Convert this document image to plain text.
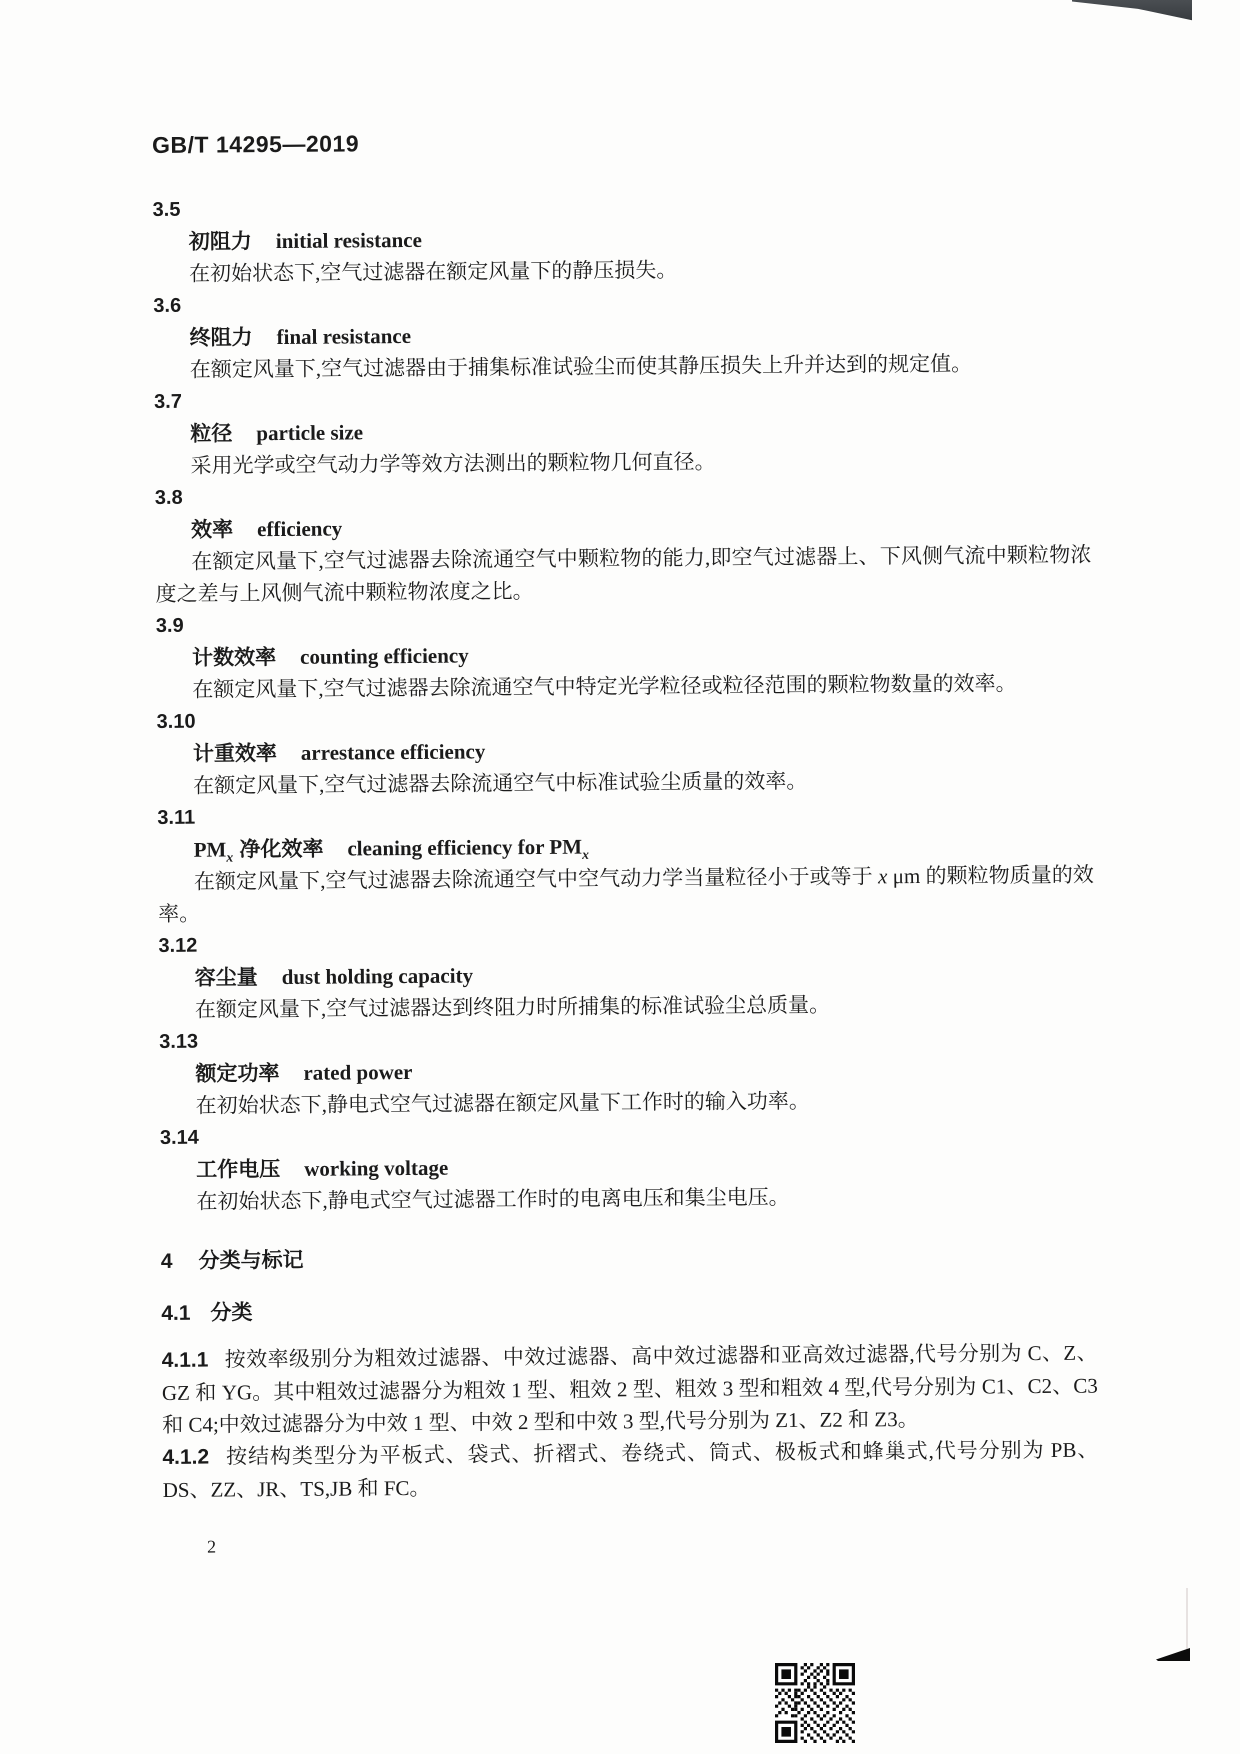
GB/T 14295—2019
3.5
初阻力 initial resistance

在初始状态下,空气过滤器在额定风量下的静压损失。

3.6
终阻力 final resistance

在额定风量下,空气过滤器由于捕集标准试验尘而使其静压损失上升并达到的规定值。

3.7
粒径 particle size

采用光学或空气动力学等效方法测出的颗粒物几何直径。

3.8
效率 efficiency

在额定风量下,空气过滤器去除流通空气中颗粒物的能力,即空气过滤器上、下风侧气流中颗粒物浓度之差与上风侧气流中颗粒物浓度之比。

3.9
计数效率 counting efficiency

在额定风量下,空气过滤器去除流通空气中特定光学粒径或粒径范围的颗粒物数量的效率。

3.10
计重效率 arrestance efficiency

在额定风量下,空气过滤器去除流通空气中标准试验尘质量的效率。

3.11
$PM_x$ 净化效率 cleaning efficiency for $PM_x$

在额定风量下,空气过滤器去除流通空气中空气动力学当量粒径小于或等于 x μm 的颗粒物质量的效率。

3.12
容尘量 dust holding capacity

在额定风量下,空气过滤器达到终阻力时所捕集的标准试验尘总质量。

3.13
额定功率 rated power

在初始状态下,静电式空气过滤器在额定风量下工作时的输入功率。

3.14
工作电压 working voltage

在初始状态下,静电式空气过滤器工作时的电离电压和集尘电压。

4 分类与标记
4.1 分类

4.1.1 按效率级别分为粗效过滤器、中效过滤器、高中效过滤器和亚高效过滤器,代号分别为 C、Z、GZ 和 YG。其中粗效过滤器分为粗效 1 型、粗效 2 型、粗效 3 型和粗效 4 型,代号分别为 C1、C2、C3 和 C4;中效过滤器分为中效 1 型、中效 2 型和中效 3 型,代号分别为 Z1、Z2 和 Z3。

4.1.2 按结构类型分为平板式、袋式、折褶式、卷绕式、筒式、极板式和蜂巢式,代号分别为 PB、DS、ZZ、JR、TS,JB 和 FC。

2
